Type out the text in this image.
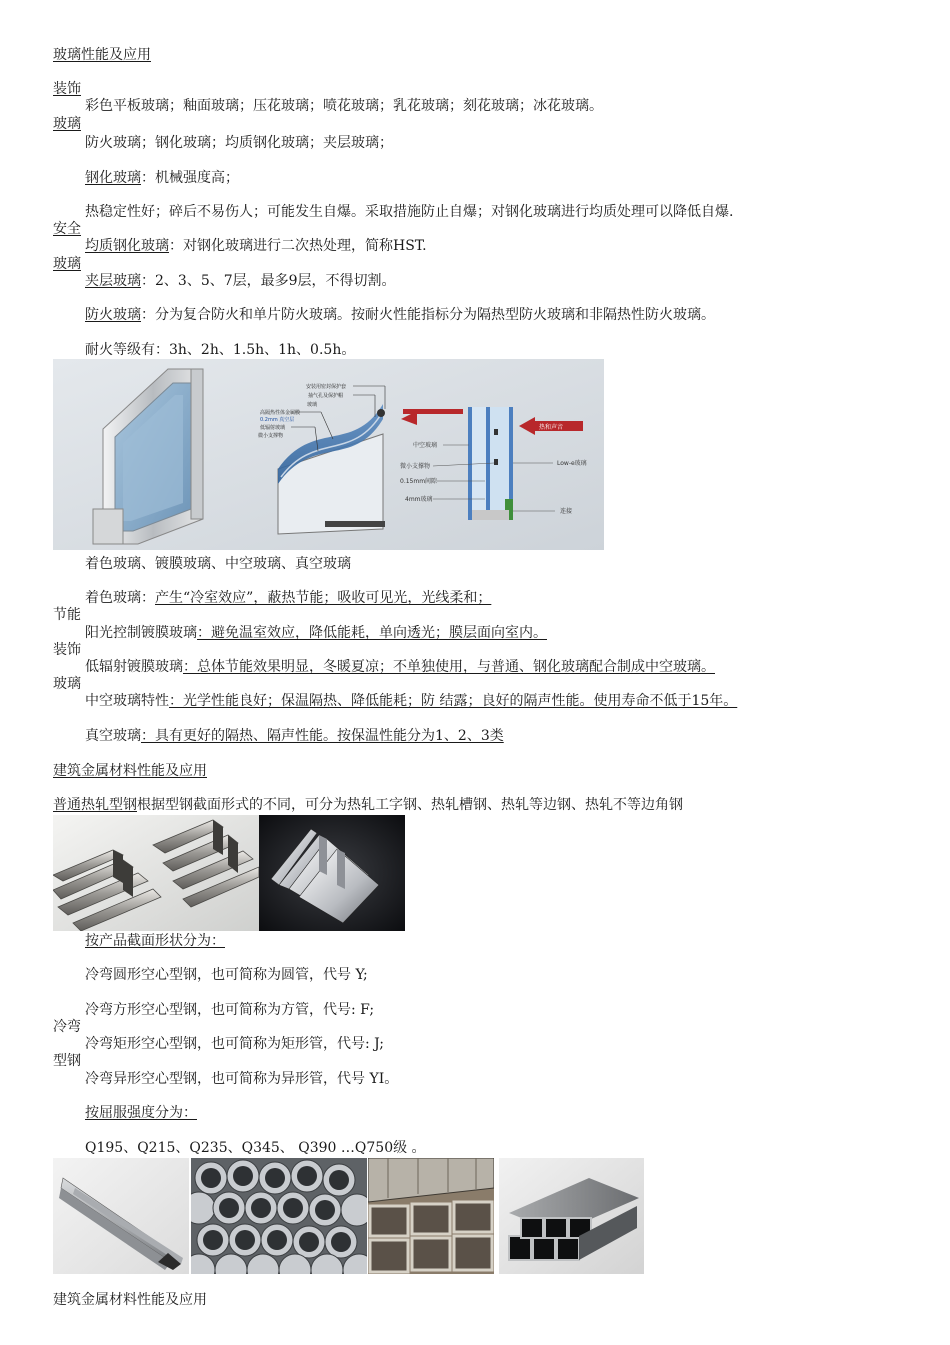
玻璃性能及应用
装饰
彩色平板玻璃；釉面玻璃；压花玻璃；喷花玻璃；乳花玻璃；刻花玻璃；冰花玻璃。
玻璃
防火玻璃；钢化玻璃；均质钢化玻璃；夹层玻璃；
钢化玻璃：机械强度高；
热稳定性好；碎后不易伤人；可能发生自爆。采取措施防止自爆；对钢化玻璃进行均质处理可以降低自爆.
安全
均质钢化玻璃：对钢化玻璃进行二次热处理，简称HST.
玻璃
夹层玻璃：2、3、5、7层，最多9层，不得切割。
防火玻璃：分为复合防火和单片防火玻璃。按耐火性能指标分为隔热型防火玻璃和非隔热性防火玻璃。
耐火等级有：3h、2h、1.5h、1h、0.5h。
安装用密封保护套
抽气孔及保护帽
玻璃
高隔热性体金属膜
0.2mm 真空层
低辐射玻璃
微小支撑物
热和声音
中空玻璃
微小支撑物
0.15mm间隙
4mm玻璃
Low-e玻璃
连接
着色玻璃、镀膜玻璃、中空玻璃、真空玻璃
着色玻璃：产生“冷室效应”，蔽热节能；吸收可见光，光线柔和；
节能
阳光控制镀膜玻璃：避免温室效应，降低能耗，单向透光；膜层面向室内。
装饰
低辐射镀膜玻璃：总体节能效果明显，冬暖夏凉；不单独使用，与普通、钢化玻璃配合制成中空玻璃。
玻璃
中空玻璃特性：光学性能良好；保温隔热、降低能耗；防 结露；良好的隔声性能。使用寿命不低于15年。
真空玻璃：具有更好的隔热、隔声性能。按保温性能分为1、2、3类
建筑金属材料性能及应用
普通热轧型钢根据型钢截面形式的不同，可分为热轧工字钢、热轧槽钢、热轧等边钢、热轧不等边角钢
按产品截面形状分为：
冷弯圆形空心型钢，也可简称为圆管，代号 Y;
冷弯方形空心型钢，也可简称为方管，代号: F;
冷弯
冷弯矩形空心型钢，也可简称为矩形管，代号: J;
型钢
冷弯异形空心型钢，也可简称为异形管，代号 YI。
按屈服强度分为：
Q195、Q215、Q235、Q345、 Q390 …Q750级 。
建筑金属材料性能及应用
